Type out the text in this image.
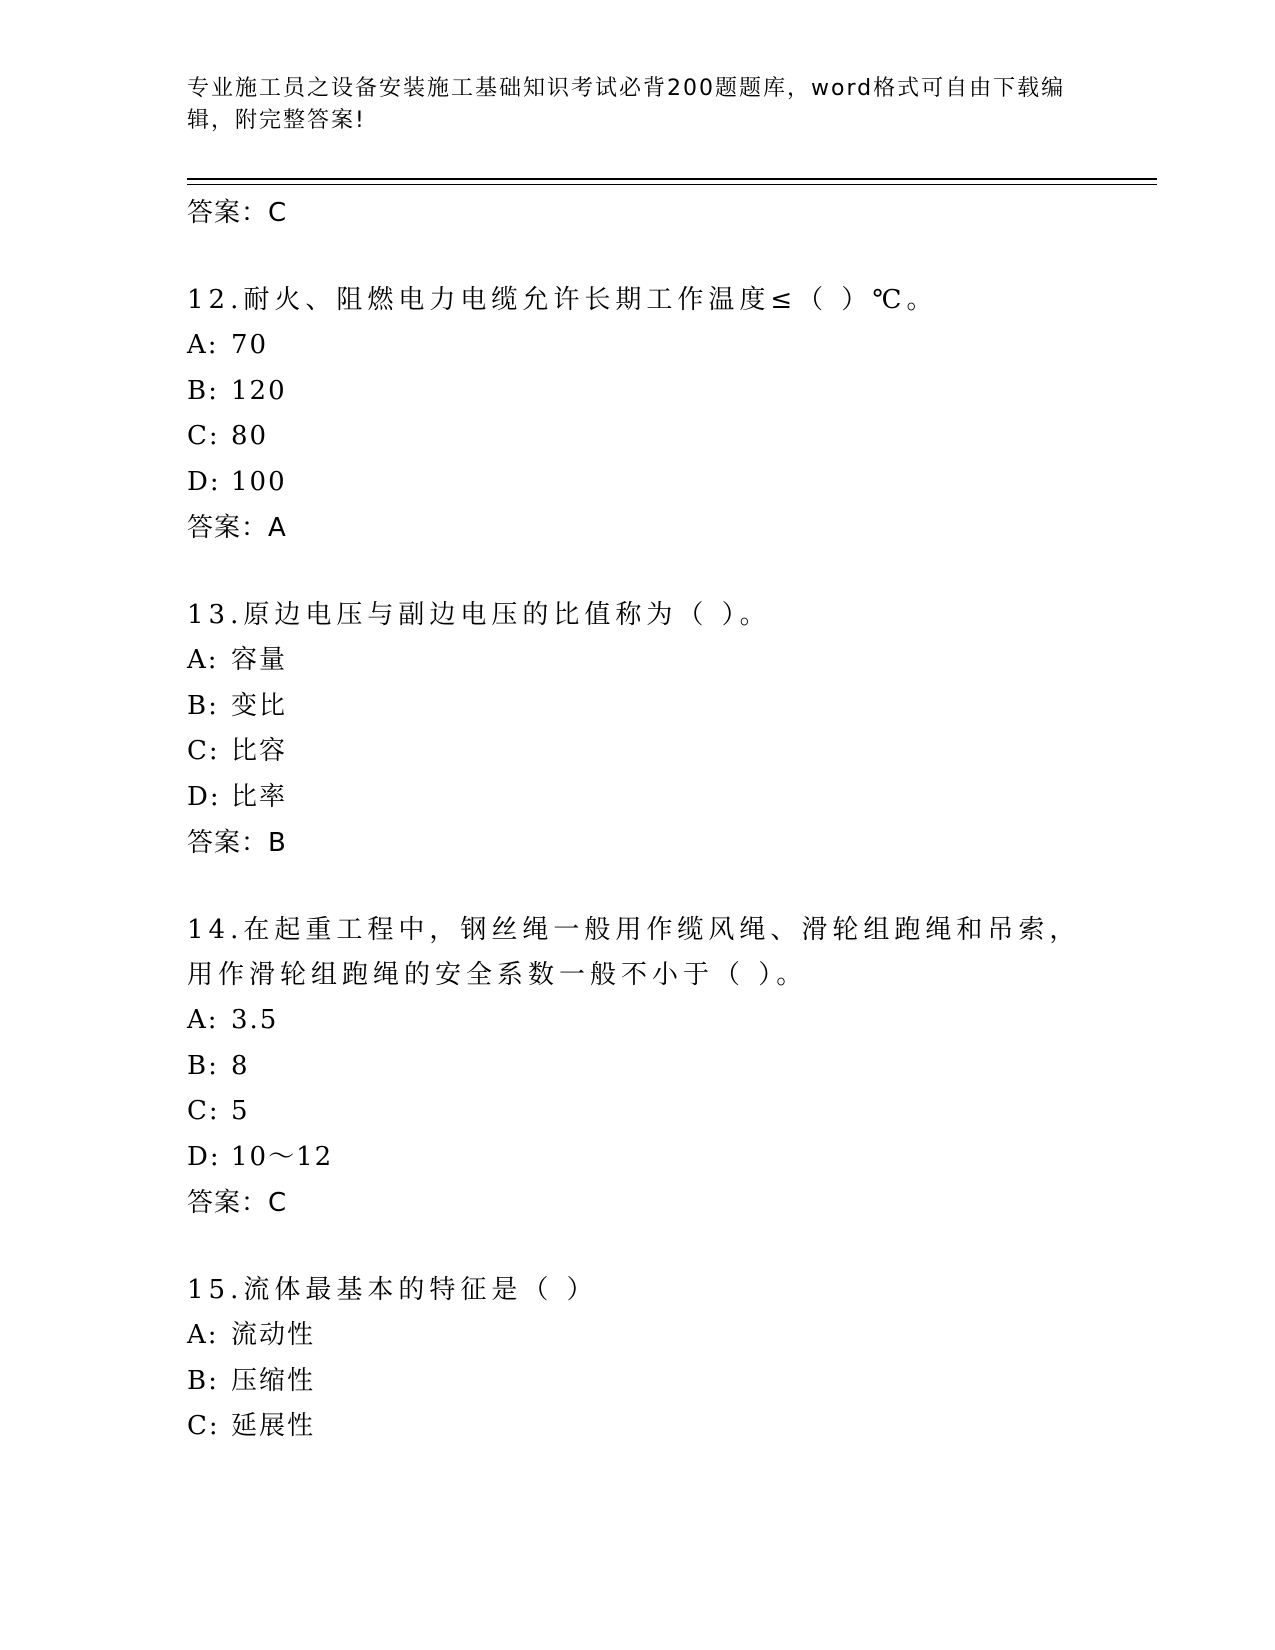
专业施工员之设备安装施工基础知识考试必背200题题库，word格式可自由下载编辑，附完整答案!
答案：C

12.耐火、阻燃电力电缆允许长期工作温度≤（ ）℃。

A: 70
B: 120
C: 80
D: 100
答案：A

13.原边电压与副边电压的比值称为（ ）。

A: 容量
B: 变比
C: 比容
D: 比率
答案：B

14.在起重工程中，钢丝绳一般用作缆风绳、滑轮组跑绳和吊索，用作滑轮组跑绳的安全系数一般不小于（ ）。

A: 3.5
B: 8
C: 5
D: 10～12
答案：C

15.流体最基本的特征是（ ）

A: 流动性
B: 压缩性
C: 延展性
